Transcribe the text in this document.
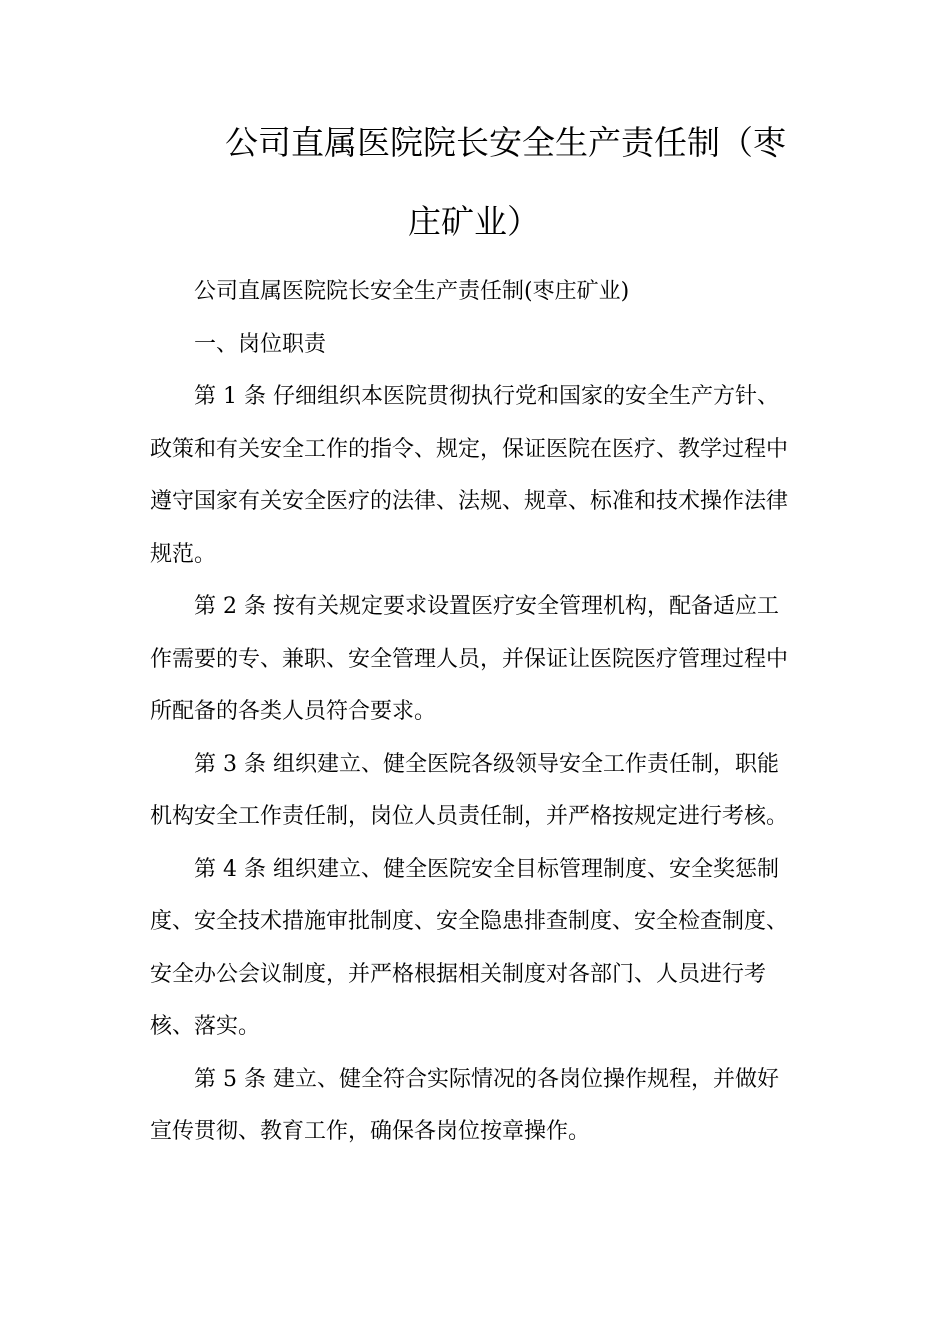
公司直属医院院长安全生产责任制（枣
庄矿业）
公司直属医院院长安全生产责任制(枣庄矿业)
一、岗位职责
第 1 条 仔细组织本医院贯彻执行党和国家的安全生产方针、
政策和有关安全工作的指令、规定，保证医院在医疗、教学过程中
遵守国家有关安全医疗的法律、法规、规章、标准和技术操作法律
规范。
第 2 条 按有关规定要求设置医疗安全管理机构，配备适应工
作需要的专、兼职、安全管理人员，并保证让医院医疗管理过程中
所配备的各类人员符合要求。
第 3 条 组织建立、健全医院各级领导安全工作责任制，职能
机构安全工作责任制，岗位人员责任制，并严格按规定进行考核。
第 4 条 组织建立、健全医院安全目标管理制度、安全奖惩制
度、安全技术措施审批制度、安全隐患排查制度、安全检查制度、
安全办公会议制度，并严格根据相关制度对各部门、人员进行考
核、落实。
第 5 条 建立、健全符合实际情况的各岗位操作规程，并做好
宣传贯彻、教育工作，确保各岗位按章操作。
